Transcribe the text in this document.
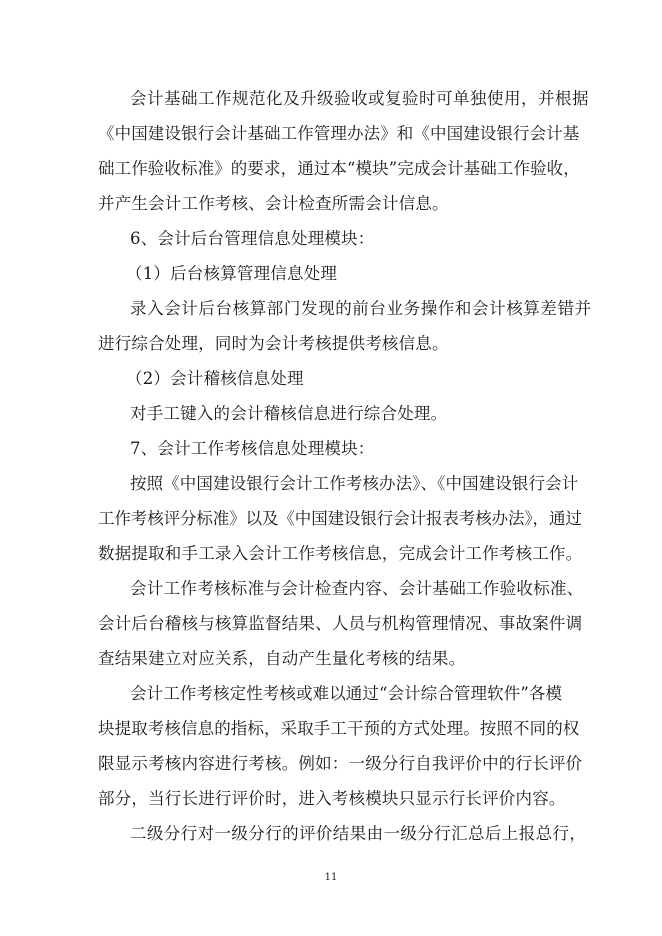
会计基础工作规范化及升级验收或复验时可单独使用，并根据
《中国建设银行会计基础工作管理办法》和《中国建设银行会计基
础工作验收标准》的要求，通过本“模块”完成会计基础工作验收，
并产生会计工作考核、会计检查所需会计信息。
6、会计后台管理信息处理模块：
（1）后台核算管理信息处理
录入会计后台核算部门发现的前台业务操作和会计核算差错并
进行综合处理，同时为会计考核提供考核信息。
（2）会计稽核信息处理
对手工键入的会计稽核信息进行综合处理。
7、会计工作考核信息处理模块：
按照《中国建设银行会计工作考核办法》、《中国建设银行会计
工作考核评分标准》以及《中国建设银行会计报表考核办法》，通过
数据提取和手工录入会计工作考核信息，完成会计工作考核工作。
会计工作考核标准与会计检查内容、会计基础工作验收标准、
会计后台稽核与核算监督结果、人员与机构管理情况、事故案件调
查结果建立对应关系，自动产生量化考核的结果。
会计工作考核定性考核或难以通过“会计综合管理软件”各模
块提取考核信息的指标，采取手工干预的方式处理。按照不同的权
限显示考核内容进行考核。例如：一级分行自我评价中的行长评价
部分，当行长进行评价时，进入考核模块只显示行长评价内容。
二级分行对一级分行的评价结果由一级分行汇总后上报总行，
11
